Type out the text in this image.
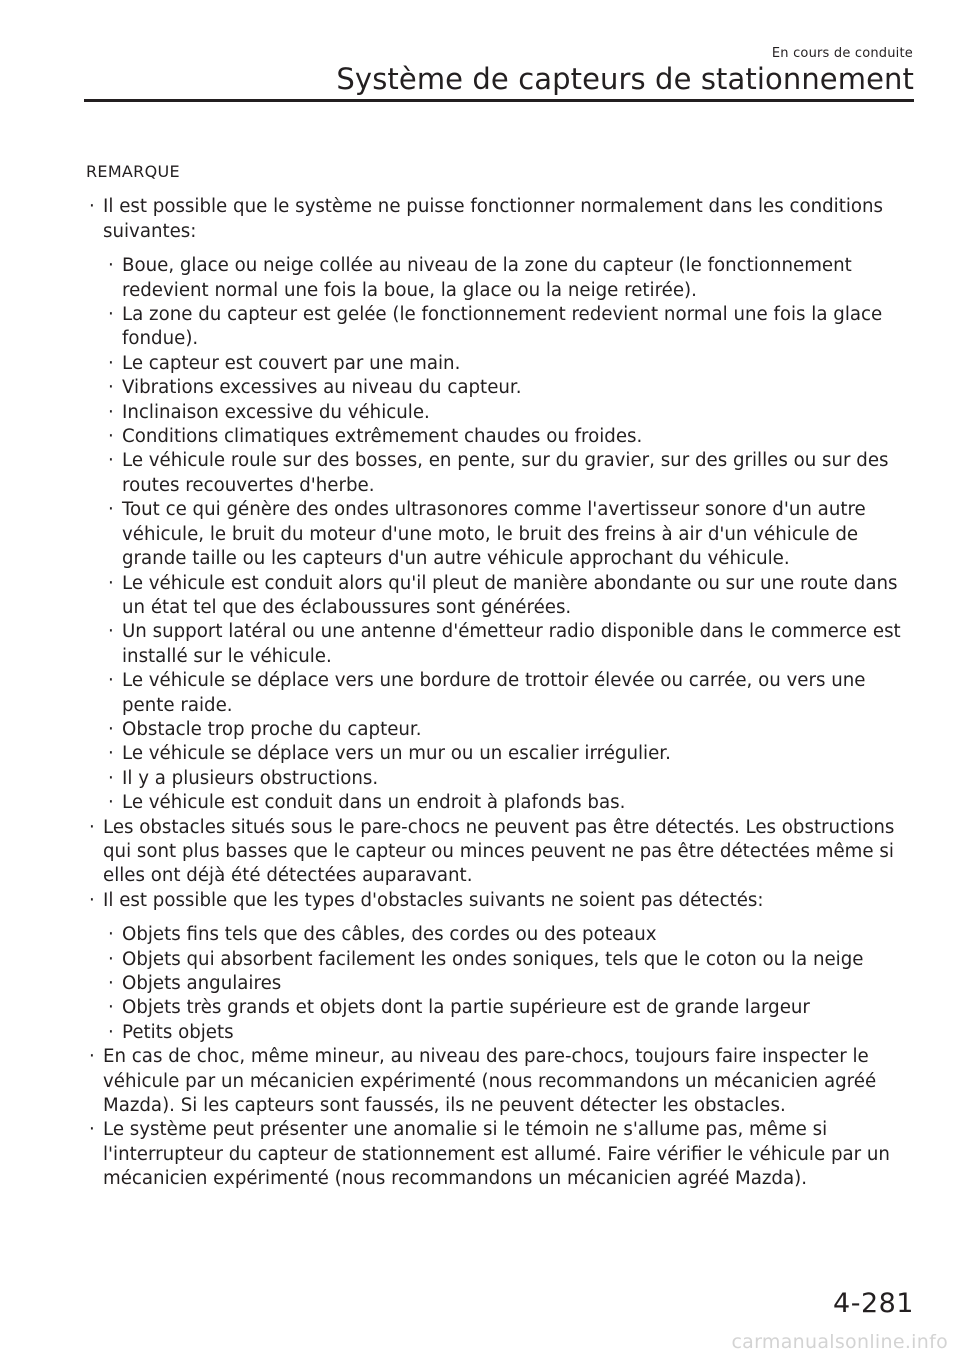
En cours de conduite
Système de capteurs de stationnement
REMARQUE
· Il est possible que le système ne puisse fonctionner normalement dans les conditions suivantes:
· Boue, glace ou neige collée au niveau de la zone du capteur (le fonctionnement redevient normal une fois la boue, la glace ou la neige retirée).
· La zone du capteur est gelée (le fonctionnement redevient normal une fois la glace fondue).
· Le capteur est couvert par une main.
· Vibrations excessives au niveau du capteur.
· Inclinaison excessive du véhicule.
· Conditions climatiques extrêmement chaudes ou froides.
· Le véhicule roule sur des bosses, en pente, sur du gravier, sur des grilles ou sur des routes recouvertes d'herbe.
· Tout ce qui génère des ondes ultrasonores comme l'avertisseur sonore d'un autre véhicule, le bruit du moteur d'une moto, le bruit des freins à air d'un véhicule de grande taille ou les capteurs d'un autre véhicule approchant du véhicule.
· Le véhicule est conduit alors qu'il pleut de manière abondante ou sur une route dans un état tel que des éclaboussures sont générées.
· Un support latéral ou une antenne d'émetteur radio disponible dans le commerce est installé sur le véhicule.
· Le véhicule se déplace vers une bordure de trottoir élevée ou carrée, ou vers une pente raide.
· Obstacle trop proche du capteur.
· Le véhicule se déplace vers un mur ou un escalier irrégulier.
· Il y a plusieurs obstructions.
· Le véhicule est conduit dans un endroit à plafonds bas.
· Les obstacles situés sous le pare-chocs ne peuvent pas être détectés. Les obstructions qui sont plus basses que le capteur ou minces peuvent ne pas être détectées même si elles ont déjà été détectées auparavant.
· Il est possible que les types d'obstacles suivants ne soient pas détectés:
· Objets fins tels que des câbles, des cordes ou des poteaux
· Objets qui absorbent facilement les ondes soniques, tels que le coton ou la neige
· Objets angulaires
· Objets très grands et objets dont la partie supérieure est de grande largeur
· Petits objets
· En cas de choc, même mineur, au niveau des pare-chocs, toujours faire inspecter le véhicule par un mécanicien expérimenté (nous recommandons un mécanicien agréé Mazda). Si les capteurs sont faussés, ils ne peuvent détecter les obstacles.
· Le système peut présenter une anomalie si le témoin ne s'allume pas, même si l'interrupteur du capteur de stationnement est allumé. Faire vérifier le véhicule par un mécanicien expérimenté (nous recommandons un mécanicien agréé Mazda).
4-281
carmanualsonline.info
